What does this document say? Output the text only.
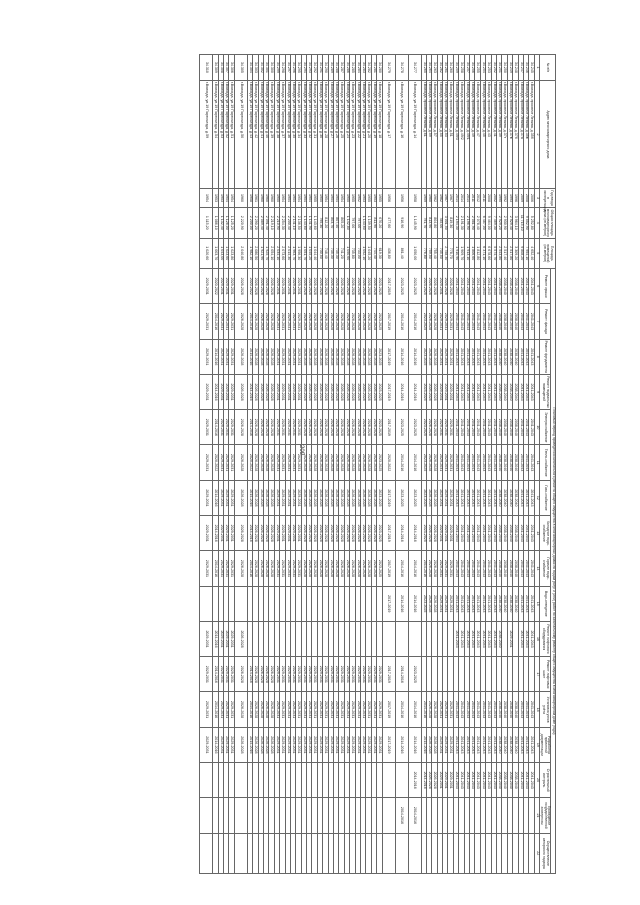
209
№ п/п	Адрес многоквартирного дома	Год ввода в эксплуатацию	Общая площадь многоквартирного дома (кв.метров)	Площадь помещений (кв.метров)	Плановый период проведения капитального ремонта общего имущества в многоквартирных домах по видам услуг и (или) работ по капитальному ремонту общего имущества в многоквартирном доме (годы)																
					Ремонт крыши	Ремонт фасада	Ремонт фундамента	Ремонт подвальных помещений	Электроснабжение	Тепло-снабжение	Газо-снабжение	Холодное водо-снабжение	Горячее водо-снабжение	Водо-отведение	Ремонт лифтового оборудования	Ремонт лифтовых шахт	Установка узлов учёта	Разработка проектной документации	Строительный контроль	Проведение государственной экспертизы	Осуществление авторского надзора
1	2	3	4	5	6	7	8	9	10	11	12	13	14	15	16	17	18	19	20	21	22
34.245	г.Вологда, проспект Ленина, д.35б	2006	5 252,80	4 652,40	2041-2043	2041-2043	2041-2043	2041-2043	2041-2043	2041-2043	2041-2043	2041-2043	2041-2043	2041-2043	2041-2043		2041-2043	2041-2043	2041-2043		
34.246	г.Вологда, проспект Ленина, д.35в	2008	9 552,90	7 954,10	2041-2043	2041-2043	2041-2043	2041-2043	2041-2043	2041-2043	2041-2043	2041-2043	2041-2043	2041-2043	2041-2043		2041-2043	2041-2043	2041-2043		
34.247	г.Вологда, проспект Ленина, д.37а	2009	11 715,10	9 808,20	2041-2043	2041-2043	2041-2043	2041-2043	2041-2043	2041-2043	2041-2043	2041-2043	2041-2043	2041-2043	2041-2043		2041-2043	2041-2043	2041-2043		
34.248	г.Вологда, проспект Ленина, д.37б	1996	3 964,10	3 309,20	2038-2040	2038-2040	2038-2040	2038-2040	2038-2040	2038-2040	2038-2040	2038-2040	2038-2040	2038-2040			2038-2040	2038-2040	2038-2040		
34.249	г.Вологда, проспект Ленина, д.37в	1993	2 929,40	2 517,80	2038-2040	2038-2040	2038-2040	2038-2040	2038-2040	2038-2040	2038-2040	2038-2040	2038-2040	2038-2040	2029-2031		2038-2040	2038-2040	2038-2040		
34.250	г.Вологда, проспект Ленина, д.37г	1992	2 930,90	2 517,40	2038-2040	2038-2040	2038-2040	2038-2040	2038-2040	2038-2040	2038-2040	2038-2040	2038-2040	2038-2040			2038-2040	2038-2040	2038-2040		
34.251	г.Вологда, проспект Ленина, д.39	1995	2 929,20	2 543,80	2038-2040	2038-2040	2038-2040	2038-2040	2038-2040	2038-2040	2038-2040	2038-2040	2038-2040	2038-2040	2038-2040		2038-2040	2038-2040	2038-2040		
34.252	г.Вологда, проспект Ленина, д.41	2002	7 469,30	5 574,70	2041-2043	2041-2043	2041-2043	2041-2043	2041-2043	2041-2043	2041-2043	2041-2043	2041-2043	2041-2043	2041-2043		2041-2043	2041-2043	2041-2043		
34.253	г.Вологда, проспект Ленина, д.43	2008	9 464,00	6 678,60	2041-2043	2041-2043	2041-2043	2041-2043	2041-2043	2041-2043	2041-2043	2041-2043	2041-2043	2041-2043	2041-2043		2041-2043	2041-2043	2041-2043		
34.254	г.Вологда, проспект Ленина, д.45	2011	6 487,00	6 371,10	2041-2043	2041-2043	2041-2043	2041-2043	2041-2043	2041-2043	2041-2043	2041-2043	2041-2043	2041-2043	2041-2043		2041-2043	2041-2043	2041-2043		
34.255	г.Вологда, проспект Ленина, д.47	2012	2 078,40	1 812,80	2041-2043	2041-2043	2041-2043	2041-2043	2041-2043	2041-2043	2041-2043	2041-2043	2041-2043	2041-2043	2041-2043		2041-2043	2041-2043	2041-2043		
34.256	г.Вологда, проспект Ленина, д.49	2011	2 081,90	1 806,60	2041-2043	2041-2043	2041-2043	2041-2043	2041-2043	2041-2043	2041-2043	2041-2043	2041-2043	2041-2043	2041-2043		2041-2043	2041-2043	2041-2043		
34.257	г.Вологда, проспект Ленина, д.49/1	2014	2 196,90	1 913,10	2041-2043	2041-2043	2041-2043	2041-2043	2041-2043	2041-2043	2041-2043	2041-2043	2041-2043	2041-2043	2041-2043		2041-2043	2041-2043	2041-2043		
34.258	г.Вологда, проспект Ленина, д.49/2	2014	2 191,30	1 909,70	2041-2043	2041-2043	2041-2043	2041-2043	2041-2043	2041-2043	2041-2043	2041-2043	2041-2043	2041-2043	2041-2043		2041-2043	2041-2043	2041-2043		
34.259	г.Вологда, проспект Ленина, д.49/3	2014	2 194,30	1 910,90	2041-2043	2041-2043	2041-2043	2041-2043	2041-2043	2041-2043	2041-2043	2041-2043	2041-2043	2041-2043	2041-2043		2041-2043	2041-2043	2041-2043		
34.260	г.Вологда, проспект Ленина, д.51	1967	819,30	778,70	2026-2028	2029-2031	2029-2031	2029-2031	2029-2031	2029-2031	2029-2031	2029-2031	2029-2031	2029-2031			2029-2031	2029-2031	2029-2031		
34.261	г.Вологда, проспект Ленина, д.53	1967	3 001,50	2 758,30	2026-2028	2029-2031	2029-2031	2029-2031	2029-2031	2029-2031	2029-2031	2029-2031	2029-2031	2029-2031			2029-2031	2029-2031	2029-2031		
34.262	г.Вологда, проспект Ленина, д.55	1962	785,00	735,50	2029-2031	2029-2031	2029-2031	2029-2031	2029-2031	2029-2031	2029-2031	2029-2031	2029-2031	2029-2031			2029-2031	2029-2031	2029-2031		
34.263	г.Вологда, проспект Ленина, д.57	1962	804,80	755,40	2026-2028	2026-2028	2026-2028	2026-2028	2026-2028	2026-2028	2026-2028	2026-2028	2026-2028	2026-2028			2026-2028	2026-2028	2026-2028		
34.264	г.Вологда, проспект Ленина, д.59	1960	813,90	759,50	2026-2028	2026-2028	2026-2028	2026-2028	2026-2028	2026-2028	2026-2028	2026-2028	2026-2028	2026-2028			2026-2028	2026-2028	2026-2028		
34.265	г.Вологда, проспект Ленина, д.61	1959	791,70	776,80	2023-2025	2023-2025	2023-2025	2023-2025	2023-2025	2023-2025	2023-2025	2023-2025	2014-2016	2023-2025			2014-2016	2014-2016	2014-2016		
34.277	г.Вологда, ул.19 Партсъезда, д.14	1958	1 145,90	1 050,00	2023-2025	2014-2016	2014-2016	2014-2016	2023-2025	2014-2016	2023-2025	2014-2016	2014-2016	2014-2016		2023-2025	2014-2016	2014-2016	2014-2016	2014-2016	
34.278	г.Вологда, ул.19 Партсъезда, д.16	1956	916,90	861,40	2023-2025	2014-2016	2014-2016	2014-2016	2023-2025	2014-2016	2023-2025	2014-2016	2014-2016	2014-2016		2014-2016	2014-2016	2014-2016		2014-2016	
34.279	г.Вологда, ул.19 Партсъезда, д.17	1956	477,60	436,80	2017-2019	2017-2019	2017-2019	2017-2019	2017-2019	2020-2022	2017-2019	2017-2019	2017-2019	2017-2019		2017-2019	2017-2019	2017-2019			
34.280	г.Вологда, ул.19 Партсъезда, д.18	1955	670,20	619,30	2023-2025	2023-2025	2023-2025	2023-2025	2023-2025	2023-2025	2023-2025	2023-2025	2023-2025			2029-2031	2029-2031	2029-2031			
34.281	г.Вологда, ул.19 Партсъезда, д.19	1953	811,90	744,40	2026-2028	2026-2028	2026-2028	2026-2028	2026-2028	2026-2028	2026-2028	2026-2028	2026-2028			2029-2031	2029-2031	2029-2031			
34.282	г.Вологда, ул.19 Партсъезда, д.20	1955	1 139,50	1 045,20	2026-2028	2026-2028	2026-2028	2026-2028	2026-2028	2026-2028	2026-2028	2026-2028	2026-2028			2029-2031	2029-2031	2029-2031			
34.283	г.Вологда, ул.19 Партсъезда, д.21	1953	1 143,60	1 052,10	2026-2028	2026-2028	2026-2028	2026-2028	2026-2028	2026-2028	2026-2028	2026-2028	2026-2028			2029-2031	2029-2031	2029-2031			
34.284	г.Вологда, ул.19 Партсъезда, д.22	1952	797,00	733,00	2026-2028	2026-2028	2026-2028	2026-2028	2026-2028	2026-2028	2026-2028	2026-2028	2026-2028			2029-2031	2029-2031	2029-2031			
34.285	г.Вологда, ул.19 Партсъезда, д.23	1955	797,00	735,80	2026-2028	2026-2028	2026-2028	2026-2028	2026-2028	2026-2028	2026-2028	2026-2028	2026-2028			2029-2031	2029-2031	2029-2031			
34.286	г.Вологда, ул.19 Партсъезда, д.24	1955	1 142,80	1 050,60	2026-2028	2026-2028	2026-2028	2026-2028	2026-2028	2026-2028	2026-2028	2026-2028	2026-2028			2029-2031	2029-2031	2029-2031			
34.287	г.Вологда, ул.19 Партсъезда, д.25	1954	805,20	741,20	2026-2028	2026-2028	2026-2028	2026-2028	2026-2028	2026-2028	2026-2028	2026-2028	2026-2028			2029-2031	2029-2031	2029-2031			
34.288	г.Вологда, ул.19 Партсъезда, д.26	1954	807,40	735,30	2026-2028	2026-2028	2026-2028	2026-2028	2026-2028	2026-2028	2026-2028	2026-2028	2026-2028			2029-2031	2029-2031	2029-2031			
34.289	г.Вологда, ул.19 Партсъезда, д.27	1954	803,70	735,30	2026-2028	2026-2028	2026-2028	2026-2028	2026-2028	2026-2028	2026-2028	2026-2028	2026-2028			2029-2031	2029-2031	2029-2031			
34.290	г.Вологда, ул.19 Партсъезда, д.28	1954	812,20	748,40	2026-2028	2026-2028	2026-2028	2026-2028	2026-2028	2026-2028	2026-2028	2026-2028	2026-2028			2029-2031	2029-2031	2029-2031			
34.291	г.Вологда, ул.19 Партсъезда, д.30	1955	795,30	730,50	2026-2028	2026-2028	2026-2028	2026-2028	2026-2028	2026-2028	2026-2028	2026-2028	2026-2028			2029-2031	2029-2031	2029-2031			
34.292	г.Вологда, ул.19 Партсъезда, д.31	1955	1 143,60	1 044,40	2026-2028	2026-2028	2026-2028	2026-2028	2026-2028	2026-2028	2026-2028	2026-2028	2026-2028			2029-2031	2029-2031	2029-2031			
34.293	г.Вологда, ул.19 Партсъезда, д.32	1954	1 141,90	1 045,20	2026-2028	2026-2028	2026-2028	2026-2028	2026-2028	2026-2028	2026-2028	2026-2028	2026-2028			2029-2031	2029-2031	2029-2031			
34.294	г.Вологда, ул.19 Партсъезда, д.33	1954	1 143,60	1 051,70	2026-2028	2026-2028	2026-2028	2026-2028	2026-2028	2026-2028	2026-2028	2026-2028	2026-2028			2029-2031	2029-2031	2029-2031			
34.295	г.Вологда, ул.19 Партсъезда, д.34	1954	2 136,50	1 956,30	2029-2031	2029-2031	2029-2031	2029-2031	2029-2031	2029-2031	2029-2031	2029-2031	2029-2031			2029-2031	2029-2031	2029-2031			
34.296	г.Вологда, ул.19 Партсъезда, д.35	1954	2 141,10	1 963,70	2029-2031	2029-2031	2029-2031	2029-2031	2029-2031	2029-2031	2029-2031	2029-2031	2029-2031			2029-2031	2029-2031	2029-2031			
34.297	г.Вологда, ул.19 Партсъезда, д.36	1954	2 200,40	2 014,30	2029-2031	2029-2031	2029-2031	2029-2031	2029-2031	2029-2031	2029-2031	2029-2031	2029-2031			2029-2031	2029-2031	2029-2031			
34.298	г.Вологда, ул.19 Партсъезда, д.37	1954	2 254,30	2 073,60	2029-2031	2029-2031	2029-2031	2029-2031	2029-2031	2029-2031	2029-2031	2029-2031	2029-2031			2029-2031	2029-2031	2029-2031			
34.299	г.Вологда, ул.19 Партсъезда, д.38	1955	2 210,90	2 034,10	2029-2031	2029-2031	2029-2031	2029-2031	2029-2031	2029-2031	2029-2031	2029-2031	2029-2031			2029-2031	2029-2031	2029-2031			
34.300	г.Вологда, ул.19 Партсъезда, д.39	1960	2 219,10	2 054,10	2026-2028	2026-2028	2026-2028	2026-2028	2026-2028	2026-2028	2026-2028	2026-2028	2026-2028			2026-2028	2026-2028	2026-2028			
34.301	г.Вологда, ул.19 Партсъезда, д.40	1960	2 091,40	1 925,70	2026-2028	2026-2028	2026-2028	2026-2028	2026-2028	2026-2028	2026-2028	2026-2028	2026-2028			2026-2028	2026-2028	2026-2028			
34.302	г.Вологда, ул.19 Партсъезда, д.41	1960	2 089,40	1 921,90	2026-2028	2026-2028	2026-2028	2026-2028	2026-2028	2026-2028	2026-2028	2026-2028	2026-2028			2026-2028	2026-2028	2026-2028			
34.303	г.Вологда, ул.19 Партсъезда, д.42	1961	2 290,20	2 080,50	2026-2028	2026-2028	2026-2028	2026-2028	2026-2028	2026-2028	2026-2028	2026-2028	2026-2028			2026-2028	2026-2028	2026-2028			
34.304	г.Вологда, ул.19 Партсъезда, д.43	1958	2 200,00	1 982,10	2020-2022	2014-2016	2014-2016	2014-2016	2014-2016	2020-2022	2014-2016	2014-2016	2014-2016			2014-2016	2014-2016	2014-2016			
34.305	г.Вологда, ул.19 Партсъезда, д.50	1960	2 220,90	2 040,80	2026-2028	2026-2028	2026-2028	2026-2028	2026-2028	2026-2028	2026-2028	2026-2028	2026-2028		2026-2028	2026-2028	2026-2028	2026-2028			
34.306	г.Вологда, ул.19 Партсъезда, д.51	1954	1 125,20	1 023,80	2029-2031	2029-2031	2029-2031	2029-2031	2029-2031	2029-2031	2029-2031	2029-2031	2029-2031		2029-2031	2029-2031	2029-2031	2029-2031			
34.307	г.Вологда, ул.19 Партсъезда, д.52	1954	1 126,00	1 023,60	2029-2031	2029-2031	2029-2031	2029-2031	2029-2031	2029-2031	2029-2031	2029-2031	2029-2031		2029-2031	2029-2031	2029-2031	2029-2031			
34.308	г.Вологда, ул.19 Партсъезда, д.53	1953	1 132,40	1 043,00	2029-2031	2029-2031	2029-2031	2029-2031	2029-2031	2029-2031	2029-2031	2029-2031	2029-2031		2029-2031	2029-2031	2029-2031	2029-2031			
34.309	г.Вологда, ул.19 Партсъезда, д.54	1953	1 086,10	1 003,70	2020-2022	2014-2016	2014-2016	2014-2016	2014-2016	2020-2022	2014-2016	2014-2016	2014-2016		2014-2016	2014-2016	2014-2016	2014-2016			
34.310	г.Вологда, ул.19 Партсъезда, д.59	1954	1 115,20	1 020,60	2029-2031	2029-2031	2029-2031	2029-2031	2029-2031	2029-2031	2029-2031	2029-2031	2029-2031		2029-2031	2029-2031	2029-2031	2029-2031			
